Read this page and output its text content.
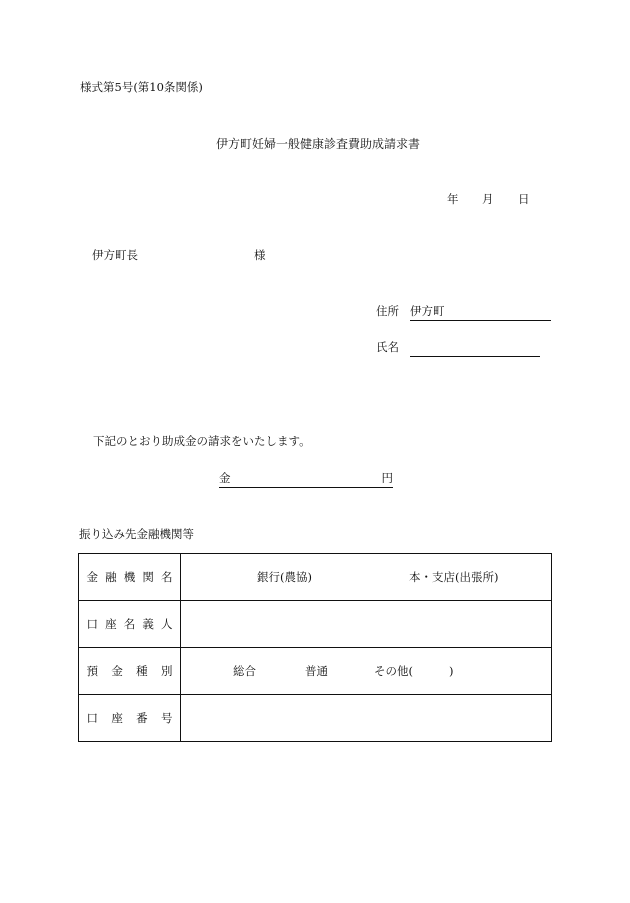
様式第5号(第10条関係)
伊方町妊婦一般健康診査費助成請求書
年 月 日
伊方町長	様
住所 伊方町
氏名
下記のとおり助成金の請求をいたします。
金	円
振り込み先金融機関等
金 融 機 関 名	銀行(農協) 本・支店(出張所)

口 座 名 義 人	

預 金 種 別	総合 普通 その他( )

口 座 番 号	
